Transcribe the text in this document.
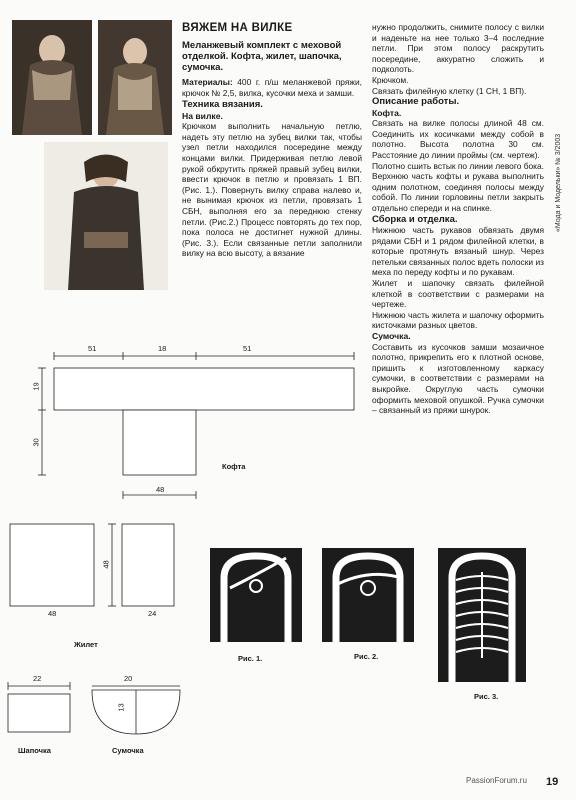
ВЯЖЕМ НА ВИЛКЕ
Меланжевый комплект с меховой отделкой. Кофта, жилет, шапочка, сумочка.
Материалы: 400 г. п/ш меланжевой пряжи, крючок № 2,5, вилка, кусочки меха и замши.
Техника вязания.
На вилке.
Крючком выполнить начальную петлю, надеть эту петлю на зубец вилки так, чтобы узел петли находился посередине между концами вилки. Придерживая петлю левой рукой обкрутить пряжей правый зубец вилки, ввести крючок в петлю и провязать 1 ВП. (Рис. 1.). Повернуть вилку справа налево и, не вынимая крючок из петли, провязать 1 СБН, выполняя его за переднюю стенку петли. (Рис.2.) Процесс повторять до тех пор, пока полоса не достигнет нужной длины. (Рис. 3.). Если связанные петли заполнили вилку на всю высоту, а вязание
нужно продолжить, снимите полосу с вилки и наденьте на нее только 3–4 последние петли. При этом полосу раскрутить посередине, аккуратно сложить и подколоть.
Крючком.
Связать филейную клетку (1 СН, 1 ВП).
Описание работы.
Кофта.
Связать на вилке полосы длиной 48 см. Соединить их косичками между собой в полотно. Высота полотна 30 см. Расстояние до линии проймы (см. чертеж).
Полотно сшить встык по линии левого бока. Верхнюю часть кофты и рукава выполнить одним полотном, соединяя полосы между собой. По линии горловины петли закрыть отдельно спереди и на спинке.
Сборка и отделка.
Нижнюю часть рукавов обвязать двумя рядами СБН и 1 рядом филейной клетки, в которые протянуть вязаный шнур. Через петельки связанных полос вдеть полоски из меха по переду кофты и по рукавам.
Жилет и шапочку связать филейной клеткой в соответствии с размерами на чертеже.
Нижнюю часть жилета и шапочку оформить кисточками разных цветов.
Сумочка.
Составить из кусочков замши мозаичное полотно, прикрепить его к плотной основе, пришить к изготовленному каркасу сумочки, в соответствии с размерами на выкройке. Округлую часть сумочки оформить меховой опушкой. Ручка сумочки – связанный из пряжи шнурок.
«Мода и Модельки» № 3/2003
51	18	51
19
30
48
Кофта
48
48
24
Жилет
22	20
13
Шапочка	Сумочка
Рис. 1.	Рис. 2.
Рис. 3.
PassionForum.ru 19
